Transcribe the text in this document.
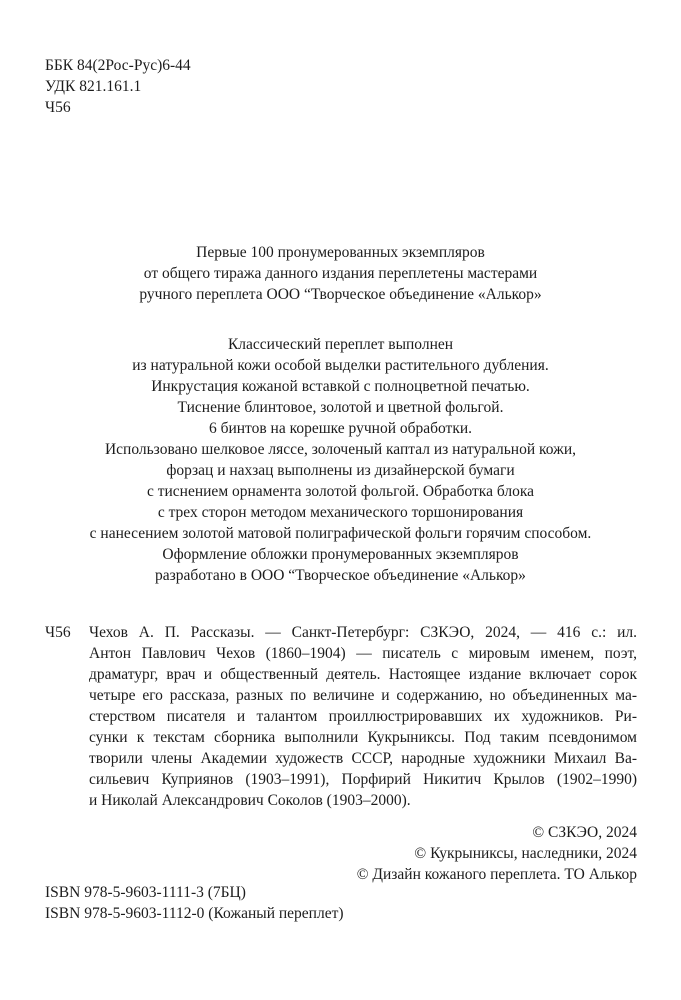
ББК 84(2Рос-Рус)6-44
УДК 821.161.1
Ч56
Первые 100 пронумерованных экземпляров
от общего тиража данного издания переплетены мастерами
ручного переплета ООО “Творческое объединение «Алькор»
Классический переплет выполнен
из натуральной кожи особой выделки растительного дубления.
Инкрустация кожаной вставкой с полноцветной печатью.
Тиснение блинтовое, золотой и цветной фольгой.
6 бинтов на корешке ручной обработки.
Использовано шелковое ляссе, золоченый каптал из натуральной кожи,
форзац и нахзац выполнены из дизайнерской бумаги
с тиснением орнамента золотой фольгой. Обработка блока
с трех сторон методом механического торшонирования
с нанесением золотой матовой полиграфической фольги горячим способом.
Оформление обложки пронумерованных экземпляров
разработано в ООО “Творческое объединение «Алькор»
Ч56 Чехов А. П. Рассказы. — Санкт-Петербург: СЗКЭО, 2024, — 416 с.: ил.
Антон Павлович Чехов (1860–1904) — писатель с мировым именем, поэт,
драматург, врач и общественный деятель. Настоящее издание включает сорок
четыре его рассказа, разных по величине и содержанию, но объединенных ма-
стерством писателя и талантом проиллюстрировавших их художников. Ри-
сунки к текстам сборника выполнили Кукрыниксы. Под таким псевдонимом
творили члены Академии художеств СССР, народные художники Михаил Ва-
сильевич Куприянов (1903–1991), Порфирий Никитич Крылов (1902–1990)
и Николай Александрович Соколов (1903–2000).
© СЗКЭО, 2024
© Кукрыниксы, наследники, 2024
© Дизайн кожаного переплета. ТО Алькор
ISBN 978-5-9603-1111-3 (7БЦ)
ISBN 978-5-9603-1112-0 (Кожаный переплет)
